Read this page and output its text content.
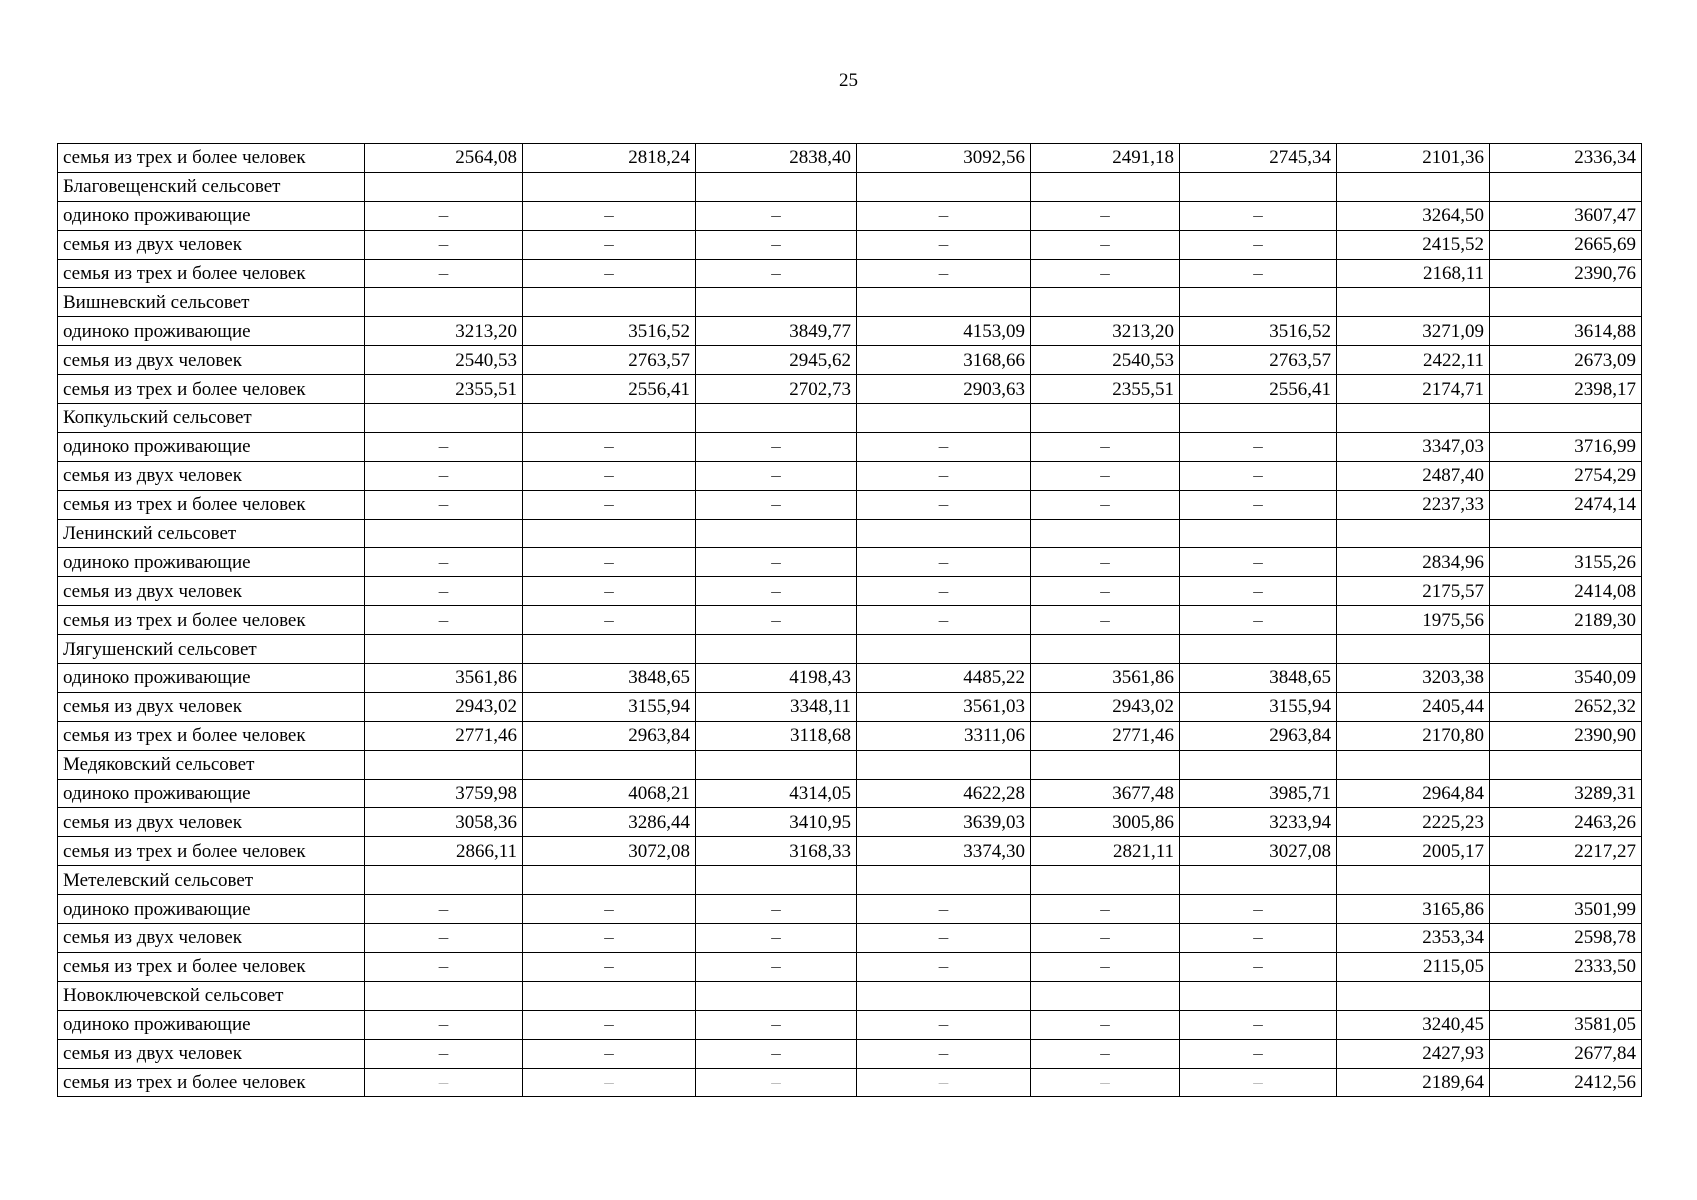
25
семья из трех и более человек	2564,08	2818,24	2838,40	3092,56	2491,18	2745,34	2101,36	2336,34
Благовещенский сельсовет								
одиноко проживающие	–	–	–	–	–	–	3264,50	3607,47
семья из двух человек	–	–	–	–	–	–	2415,52	2665,69
семья из трех и более человек	–	–	–	–	–	–	2168,11	2390,76
Вишневский сельсовет								
одиноко проживающие	3213,20	3516,52	3849,77	4153,09	3213,20	3516,52	3271,09	3614,88
семья из двух человек	2540,53	2763,57	2945,62	3168,66	2540,53	2763,57	2422,11	2673,09
семья из трех и более человек	2355,51	2556,41	2702,73	2903,63	2355,51	2556,41	2174,71	2398,17
Копкульский сельсовет								
одиноко проживающие	–	–	–	–	–	–	3347,03	3716,99
семья из двух человек	–	–	–	–	–	–	2487,40	2754,29
семья из трех и более человек	–	–	–	–	–	–	2237,33	2474,14
Ленинский сельсовет								
одиноко проживающие	–	–	–	–	–	–	2834,96	3155,26
семья из двух человек	–	–	–	–	–	–	2175,57	2414,08
семья из трех и более человек	–	–	–	–	–	–	1975,56	2189,30
Лягушенский сельсовет								
одиноко проживающие	3561,86	3848,65	4198,43	4485,22	3561,86	3848,65	3203,38	3540,09
семья из двух человек	2943,02	3155,94	3348,11	3561,03	2943,02	3155,94	2405,44	2652,32
семья из трех и более человек	2771,46	2963,84	3118,68	3311,06	2771,46	2963,84	2170,80	2390,90
Медяковский сельсовет								
одиноко проживающие	3759,98	4068,21	4314,05	4622,28	3677,48	3985,71	2964,84	3289,31
семья из двух человек	3058,36	3286,44	3410,95	3639,03	3005,86	3233,94	2225,23	2463,26
семья из трех и более человек	2866,11	3072,08	3168,33	3374,30	2821,11	3027,08	2005,17	2217,27
Метелевский сельсовет								
одиноко проживающие	–	–	–	–	–	–	3165,86	3501,99
семья из двух человек	–	–	–	–	–	–	2353,34	2598,78
семья из трех и более человек	–	–	–	–	–	–	2115,05	2333,50
Новоключевской сельсовет								
одиноко проживающие	–	–	–	–	–	–	3240,45	3581,05
семья из двух человек	–	–	–	–	–	–	2427,93	2677,84
семья из трех и более человек	–	–	–	–	–	–	2189,64	2412,56
